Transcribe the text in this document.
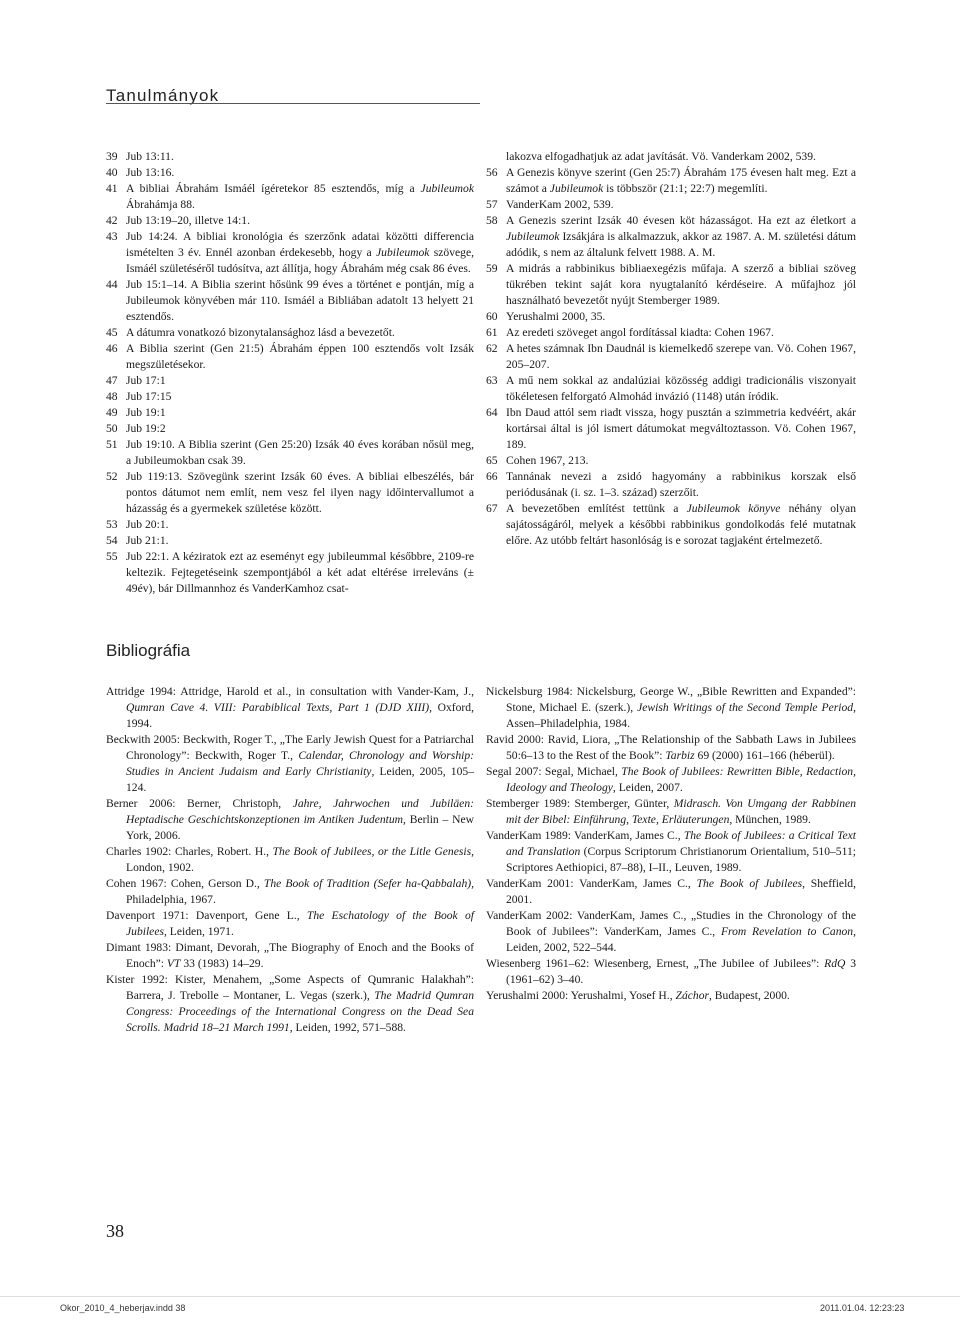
Tanulmányok

39 Jub 13:11.

40 Jub 13:16.

41 A bibliai Ábrahám Ismáél ígéretekor 85 esztendős, míg a Jubileumok Ábrahámja 88.

42 Jub 13:19–20, illetve 14:1.

43 Jub 14:24. A bibliai kronológia és szerzőnk adatai közötti differencia ismételten 3 év. Ennél azonban érdekesebb, hogy a Jubileumok szövege, Ismáél születéséről tudósítva, azt állítja, hogy Ábrahám még csak 86 éves.

44 Jub 15:1–14. A Biblia szerint hősünk 99 éves a történet e pontján, míg a Jubileumok könyvében már 110. Ismáél a Bibliában adatolt 13 helyett 21 esztendős.

45 A dátumra vonatkozó bizonytalansághoz lásd a bevezetőt.

46 A Biblia szerint (Gen 21:5) Ábrahám éppen 100 esztendős volt Izsák megszületésekor.

47 Jub 17:1

48 Jub 17:15

49 Jub 19:1

50 Jub 19:2

51 Jub 19:10. A Biblia szerint (Gen 25:20) Izsák 40 éves korában nősül meg, a Jubileumokban csak 39.

52 Jub 119:13. Szövegünk szerint Izsák 60 éves. A bibliai elbeszélés, bár pontos dátumot nem említ, nem vesz fel ilyen nagy időintervallumot a házasság és a gyermekek születése között.

53 Jub 20:1.

54 Jub 21:1.

55 Jub 22:1. A kéziratok ezt az eseményt egy jubileummal későbbre, 2109-re keltezik. Fejtegetéseink szempontjából a két adat eltérése irreleváns (± 49év), bár Dillmannhoz és VanderKamhoz csat-

lakozva elfogadhatjuk az adat javítását. Vö. Vanderkam 2002, 539.

56 A Genezis könyve szerint (Gen 25:7) Ábrahám 175 évesen halt meg. Ezt a számot a Jubileumok is többször (21:1; 22:7) megemlíti.

57 VanderKam 2002, 539.

58 A Genezis szerint Izsák 40 évesen köt házasságot. Ha ezt az életkort a Jubileumok Izsákjára is alkalmazzuk, akkor az 1987. A. M. születési dátum adódik, s nem az általunk felvett 1988. A. M.

59 A midrás a rabbinikus bibliaexegézis műfaja. A szerző a bibliai szöveg tükrében tekint saját kora nyugtalanító kérdéseire. A műfajhoz jól használható bevezetőt nyújt Stemberger 1989.

60 Yerushalmi 2000, 35.

61 Az eredeti szöveget angol fordítással kiadta: Cohen 1967.

62 A hetes számnak Ibn Daudnál is kiemelkedő szerepe van. Vö. Cohen 1967, 205–207.

63 A mű nem sokkal az andalúziai közösség addigi tradicionális viszonyait tökéletesen felforgató Almohád invázió (1148) után íródik.

64 Ibn Daud attól sem riadt vissza, hogy pusztán a szimmetria kedvéért, akár kortársai által is jól ismert dátumokat megváltoztasson. Vö. Cohen 1967, 189.

65 Cohen 1967, 213.

66 Tannának nevezi a zsidó hagyomány a rabbinikus korszak első periódusának (i. sz. 1–3. század) szerzőit.

67 A bevezetőben említést tettünk a Jubileumok könyve néhány olyan sajátosságáról, melyek a későbbi rabbinikus gondolkodás felé mutatnak előre. Az utóbb feltárt hasonlóság is e sorozat tagjaként értelmezető.

Bibliográfia

Attridge 1994: Attridge, Harold et al., in consultation with Vander-Kam, J., Qumran Cave 4. VIII: Parabiblical Texts, Part 1 (DJD XIII), Oxford, 1994.

Beckwith 2005: Beckwith, Roger T., „The Early Jewish Quest for a Patriarchal Chronology”: Beckwith, Roger T., Calendar, Chronology and Worship: Studies in Ancient Judaism and Early Christianity, Leiden, 2005, 105–124.

Berner 2006: Berner, Christoph, Jahre, Jahrwochen und Jubiläen: Heptadische Geschichtskonzeptionen im Antiken Judentum, Berlin – New York, 2006.

Charles 1902: Charles, Robert. H., The Book of Jubilees, or the Litle Genesis, London, 1902.

Cohen 1967: Cohen, Gerson D., The Book of Tradition (Sefer ha-Qabbalah), Philadelphia, 1967.

Davenport 1971: Davenport, Gene L., The Eschatology of the Book of Jubilees, Leiden, 1971.

Dimant 1983: Dimant, Devorah, „The Biography of Enoch and the Books of Enoch”: VT 33 (1983) 14–29.

Kister 1992: Kister, Menahem, „Some Aspects of Qumranic Halakhah”: Barrera, J. Trebolle – Montaner, L. Vegas (szerk.), The Madrid Qumran Congress: Proceedings of the International Congress on the Dead Sea Scrolls. Madrid 18–21 March 1991, Leiden, 1992, 571–588.

Nickelsburg 1984: Nickelsburg, George W., „Bible Rewritten and Expanded”: Stone, Michael E. (szerk.), Jewish Writings of the Second Temple Period, Assen–Philadelphia, 1984.

Ravid 2000: Ravid, Liora, „The Relationship of the Sabbath Laws in Jubilees 50:6–13 to the Rest of the Book”: Tarbiz 69 (2000) 161–166 (héberül).

Segal 2007: Segal, Michael, The Book of Jubilees: Rewritten Bible, Redaction, Ideology and Theology, Leiden, 2007.

Stemberger 1989: Stemberger, Günter, Midrasch. Von Umgang der Rabbinen mit der Bibel: Einführung, Texte, Erläuterungen, München, 1989.

VanderKam 1989: VanderKam, James C., The Book of Jubilees: a Critical Text and Translation (Corpus Scriptorum Christianorum Orientalium, 510–511; Scriptores Aethiopici, 87–88), I–II., Leuven, 1989.

VanderKam 2001: VanderKam, James C., The Book of Jubilees, Sheffield, 2001.

VanderKam 2002: VanderKam, James C., „Studies in the Chronology of the Book of Jubilees”: VanderKam, James C., From Revelation to Canon, Leiden, 2002, 522–544.

Wiesenberg 1961–62: Wiesenberg, Ernest, „The Jubilee of Jubilees”: RdQ 3 (1961–62) 3–40.

Yerushalmi 2000: Yerushalmi, Yosef H., Záchor, Budapest, 2000.

38
Okor_2010_4_heberjav.indd 38	2011.01.04. 12:23:23
